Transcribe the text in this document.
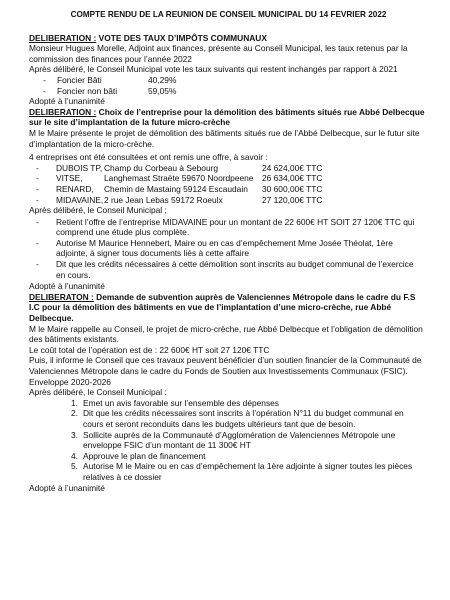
COMPTE RENDU DE LA REUNION DE CONSEIL MUNICIPAL DU 14 FEVRIER 2022

DELIBERATION : VOTE DES TAUX D’IMPÔTS COMMUNAUX

Monsieur Hugues Morelle, Adjoint aux finances, présente au Conseil Municipal, les taux retenus par la commission des finances pour l’année 2022

Après délibéré, le Conseil Municipal vote les taux suivants qui restent inchangés par rapport à 2021

-	Foncier Bâti	40,29%
-	Foncier non bâti	59,05%

Adopté à l’unanimité

DELIBERATION : Choix de l’entreprise pour la démolition des bâtiments situés rue Abbé Delbecque sur le site d’implantation de la future micro-crèche

M le Maire présente le projet de démolition des bâtiments situés rue de l’Abbé Delbecque, sur le futur site d’implantation de la micro-crèche.

4 entreprises ont été consultées et ont remis une offre, à savoir :

-	DUBOIS TP, Champ du Corbeau à Sebourg	24 624,00€ TTC
-	VITSE,	Langhemast Straëte 59670 Noordpeene	26 634,00€ TTC
-	RENARD,	Chemin de Mastaing 59124 Escaudain	30 600,00€ TTC
-	MIDAVAINE, 2 rue Jean Lebas 59172 Roeulx	27 120,00€ TTC

Après délibéré, le Conseil Municipal ;

-	Retient l’offre de l’entreprise MIDAVAINE pour un montant de 22 600€ HT SOIT 27 120€ TTC qui comprend une étude plus complète.
-	Autorise M Maurice Hennebert, Maire ou en cas d’empêchement Mme Josée Théolat, 1ère adjointe, à signer tous documents liés à cette affaire
-	Dit que les crédits nécessaires à cette démolition sont inscrits au budget communal de l’exercice en cours.

Adopté à l’unanimité

DELIBERATON : Demande de subvention auprès de Valenciennes Métropole dans le cadre du F.S I.C pour la démolition des bâtiments en vue de l’implantation d’une micro-crèche, rue Abbé Delbecque.

M le Maire rappelle au Conseil, le projet de micro-crèche, rue Abbé Delbecque et l’obligation de démolition des bâtiments existants.

Le coût total de l’opération est de : 22 600€ HT soit 27 120€ TTC

Puis, il informe le Conseil que ces travaux peuvent bénéficier d’un soutien financier de la Communauté de Valenciennes Métropole dans le cadre du Fonds de Soutien aux Investissements Communaux (FSIC).

Enveloppe 2020-2026

Après délibéré, le Conseil Municipal :

1. Emet un avis favorable sur l’ensemble des dépenses
2. Dit que les crédits nécessaires sont inscrits à l’opération N°11 du budget communal en cours et seront reconduits dans les budgets ultérieurs tant que de besoin.
3. Sollicite auprès de la Communauté d’Agglomération de Valenciennes Métropole une enveloppe FSIC d’un montant de 11 300€ HT
4. Approuve le plan de financement
5. Autorise M le Maire ou en cas d’empêchement la 1ère adjointe à signer toutes les pièces relatives à ce dossier

Adopté à l’unanimité
